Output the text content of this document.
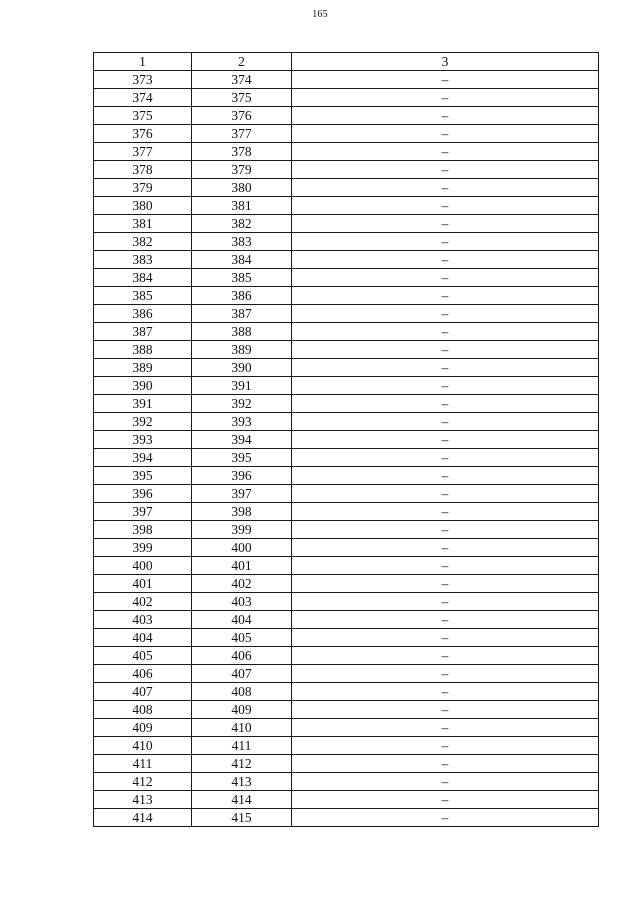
165
1	2	3
373	374	–
374	375	–
375	376	–
376	377	–
377	378	–
378	379	–
379	380	–
380	381	–
381	382	–
382	383	–
383	384	–
384	385	–
385	386	–
386	387	–
387	388	–
388	389	–
389	390	–
390	391	–
391	392	–
392	393	–
393	394	–
394	395	–
395	396	–
396	397	–
397	398	–
398	399	–
399	400	–
400	401	–
401	402	–
402	403	–
403	404	–
404	405	–
405	406	–
406	407	–
407	408	–
408	409	–
409	410	–
410	411	–
411	412	–
412	413	–
413	414	–
414	415	–
